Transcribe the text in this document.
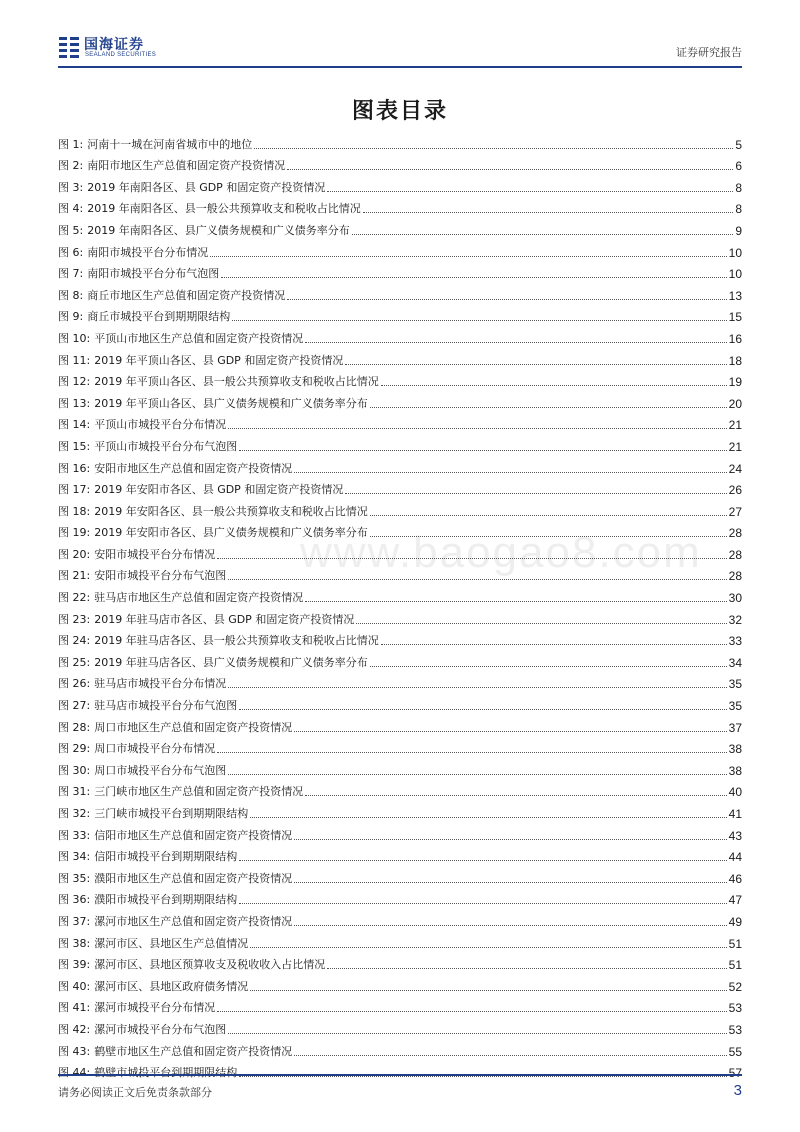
国海证券
SEALAND SECURITIES	证券研究报告
图表目录
www.baogao8.com
图 1: 河南十一城在河南省城市中的地位	5
图 2: 南阳市地区生产总值和固定资产投资情况	6
图 3: 2019 年南阳各区、县 GDP 和固定资产投资情况	8
图 4: 2019 年南阳各区、县一般公共预算收支和税收占比情况	8
图 5: 2019 年南阳各区、县广义债务规模和广义债务率分布	9
图 6: 南阳市城投平台分布情况	10
图 7: 南阳市城投平台分布气泡图	10
图 8: 商丘市地区生产总值和固定资产投资情况	13
图 9: 商丘市城投平台到期期限结构	15
图 10: 平顶山市地区生产总值和固定资产投资情况	16
图 11: 2019 年平顶山各区、县 GDP 和固定资产投资情况	18
图 12: 2019 年平顶山各区、县一般公共预算收支和税收占比情况	19
图 13: 2019 年平顶山各区、县广义债务规模和广义债务率分布	20
图 14: 平顶山市城投平台分布情况	21
图 15: 平顶山市城投平台分布气泡图	21
图 16: 安阳市地区生产总值和固定资产投资情况	24
图 17: 2019 年安阳市各区、县 GDP 和固定资产投资情况	26
图 18: 2019 年安阳各区、县一般公共预算收支和税收占比情况	27
图 19: 2019 年安阳市各区、县广义债务规模和广义债务率分布	28
图 20: 安阳市城投平台分布情况	28
图 21: 安阳市城投平台分布气泡图	28
图 22: 驻马店市地区生产总值和固定资产投资情况	30
图 23: 2019 年驻马店市各区、县 GDP 和固定资产投资情况	32
图 24: 2019 年驻马店各区、县一般公共预算收支和税收占比情况	33
图 25: 2019 年驻马店各区、县广义债务规模和广义债务率分布	34
图 26: 驻马店市城投平台分布情况	35
图 27: 驻马店市城投平台分布气泡图	35
图 28: 周口市地区生产总值和固定资产投资情况	37
图 29: 周口市城投平台分布情况	38
图 30: 周口市城投平台分布气泡图	38
图 31: 三门峡市地区生产总值和固定资产投资情况	40
图 32: 三门峡市城投平台到期期限结构	41
图 33: 信阳市地区生产总值和固定资产投资情况	43
图 34: 信阳市城投平台到期期限结构	44
图 35: 濮阳市地区生产总值和固定资产投资情况	46
图 36: 濮阳市城投平台到期期限结构	47
图 37: 漯河市地区生产总值和固定资产投资情况	49
图 38: 漯河市区、县地区生产总值情况	51
图 39: 漯河市区、县地区预算收支及税收收入占比情况	51
图 40: 漯河市区、县地区政府债务情况	52
图 41: 漯河市城投平台分布情况	53
图 42: 漯河市城投平台分布气泡图	53
图 43: 鹤壁市地区生产总值和固定资产投资情况	55
图 44: 鹤壁市城投平台到期期限结构	57
请务必阅读正文后免责条款部分	3
